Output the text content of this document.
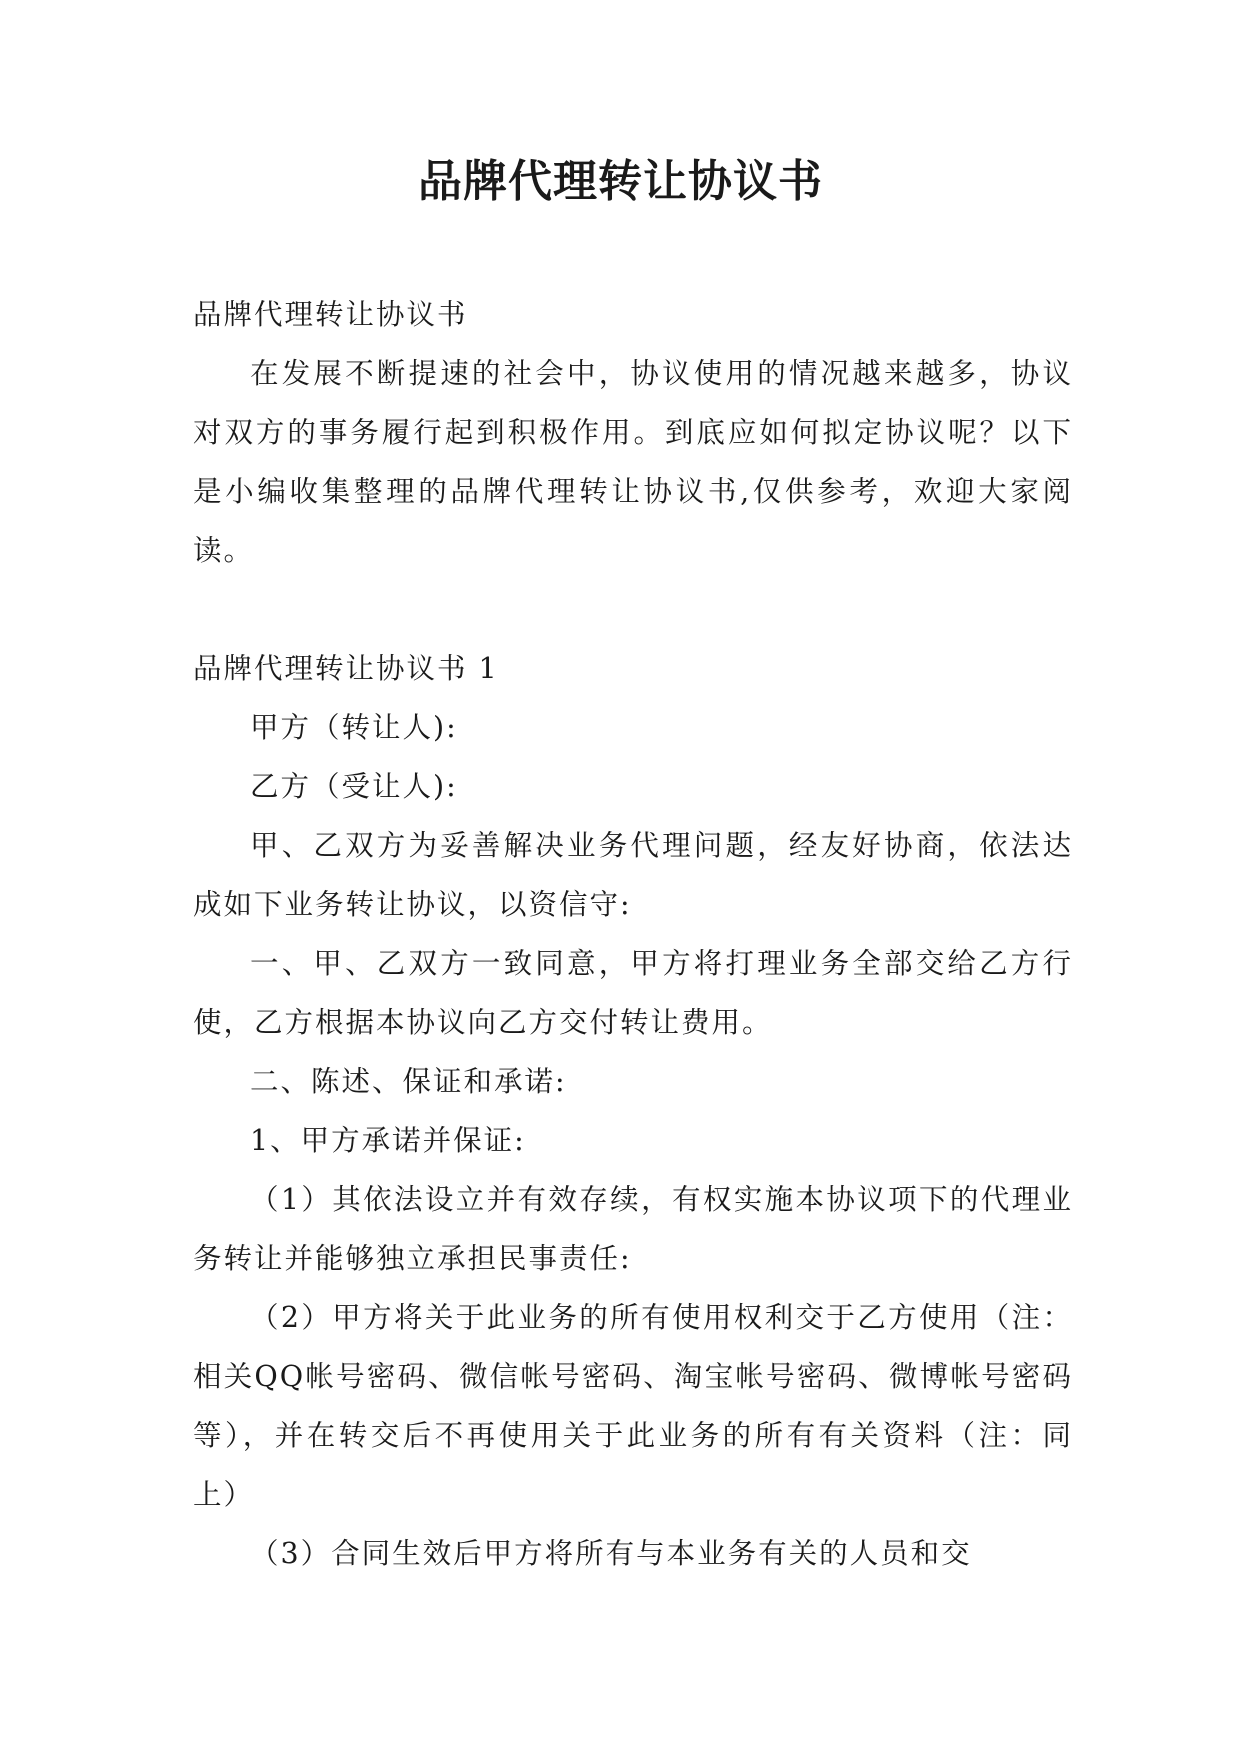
品牌代理转让协议书

品牌代理转让协议书

在发展不断提速的社会中，协议使用的情况越来越多，协议对双方的事务履行起到积极作用。到底应如何拟定协议呢？以下是小编收集整理的品牌代理转让协议书,仅供参考，欢迎大家阅读。

品牌代理转让协议书 1

甲方（转让人):

乙方（受让人):

甲、乙双方为妥善解决业务代理问题，经友好协商，依法达成如下业务转让协议，以资信守:

一、甲、乙双方一致同意，甲方将打理业务全部交给乙方行使，乙方根据本协议向乙方交付转让费用。

二、陈述、保证和承诺:

1、甲方承诺并保证:

（1）其依法设立并有效存续，有权实施本协议项下的代理业务转让并能够独立承担民事责任:

（2）甲方将关于此业务的所有使用权利交于乙方使用（注：相关QQ帐号密码、微信帐号密码、淘宝帐号密码、微博帐号密码等），并在转交后不再使用关于此业务的所有有关资料（注：同上）

（3）合同生效后甲方将所有与本业务有关的人员和交
